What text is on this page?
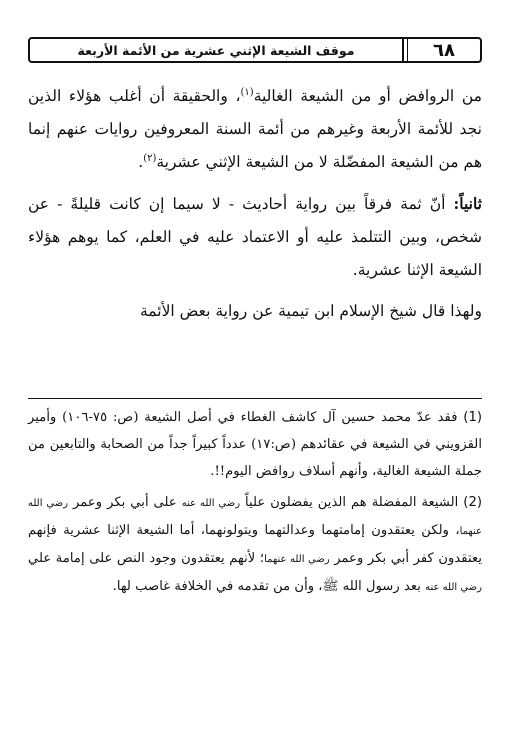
موقف الشيعة الإثني عشرية من الأئمة الأربعة	٦٨

من الروافض أو من الشيعة الغالية$^{(١)}$، والحقيقة أن أغلب هؤلاء الذين نجد للأئمة الأربعة وغيرهم من أئمة السنة المعروفين روايات عنهم إنما هم من الشيعة المفضّلة لا من الشيعة الإثني عشرية$^{(٢)}$.

ثانياً: أنّ ثمة فرقاً بين رواية أحاديث - لا سيما إن كانت قليلةً - عن شخص، وبين التتلمذ عليه أو الاعتماد عليه في العلم، كما يوهم هؤلاء الشيعة الإثنا عشرية.

ولهذا قال شيخ الإسلام ابن تيمية عن رواية بعض الأئمة

(1) فقد عدّ محمد حسين آل كاشف الغطاء في أصل الشيعة (ص: ٧٥-١٠٦) وأمير القزويني في الشيعة في عقائدهم (ص:١٧) عدداً كبيراً جداً من الصحابة والتابعين من جملة الشيعة الغالية، وأنهم أسلاف روافض اليوم!!.

(2) الشيعة المفضلة هم الذين يفضلون علياً رضي الله عنه على أبي بكر وعمر رضي الله عنهما، ولكن يعتقدون إمامتهما وعدالتهما ويتولونهما، أما الشيعة الإثنا عشرية فإنهم يعتقدون كفر أبي بكر وعمر رضي الله عنهما؛ لأنهم يعتقدون وجود النص على إمامة علي رضي الله عنه بعد رسول الله ﷺ، وأن من تقدمه في الخلافة غاصب لها.
